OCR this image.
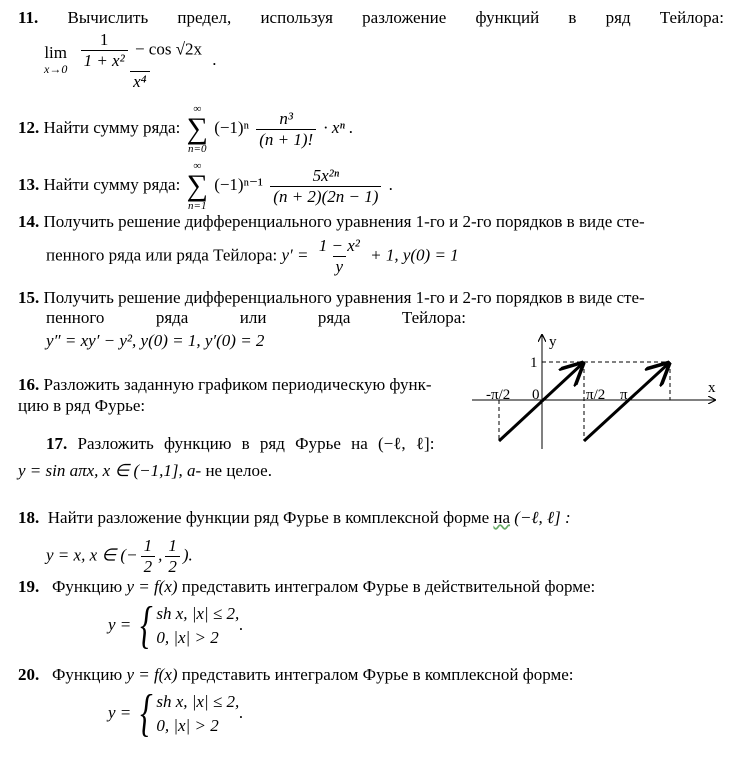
11. Вычислить предел, используя разложение функций в ряд Тейлора:
lim
x→0
$\frac{\frac{1}{\text{1 + x²}} - \cos √2x}{\text{x⁴}}$ .
12. Найти сумму ряда:
∞
∑
n=0
$(-1)^n \frac{\text{n³}}{(n + 1)!} \cdot x^n$ .
13. Найти сумму ряда:
∞
∑
n=1
$(-1)^{n-1} \frac{\text{5x²ⁿ}}{(n + 2)(2n - 1)}$ .
14. Получить решение дифференциального уравнения 1-го и 2-го порядков в виде сте-
пенного ряда или ряда Тейлора: $y' = \frac{\text{1 − x²}}{y} + 1$, y(0) = 1
15. Получить решение дифференциального уравнения 1-го и 2-го порядков в виде сте-
пенного	ряда	или	ряда	Тейлора:
y″ = xy′ − y², y(0) = 1, y′(0) = 2
16. Разложить заданную графиком периодическую функ-
цию в ряд Фурье:
y
x
1
0
-π/2	π/2 π
17. Разложить функцию в ряд Фурье на (−ℓ, ℓ]:
y = sin aπx, x ∈ (−1,1], a- не целое.
18. Найти разложение функции ряд Фурье в комплексной форме на (−ℓ, ℓ] :
y = x, x ∈ (− $\frac{1}{2}$ , $\frac{1}{2}$ ).
19. Функцию y = f(x) представить интегралом Фурье в действительной форме:
y = { sh x, |x| ≤ 2,
0, |x| > 2
.
20. Функцию y = f(x) представить интегралом Фурье в комплексной форме:
y = { sh x, |x| ≤ 2,
0, |x| > 2
.
